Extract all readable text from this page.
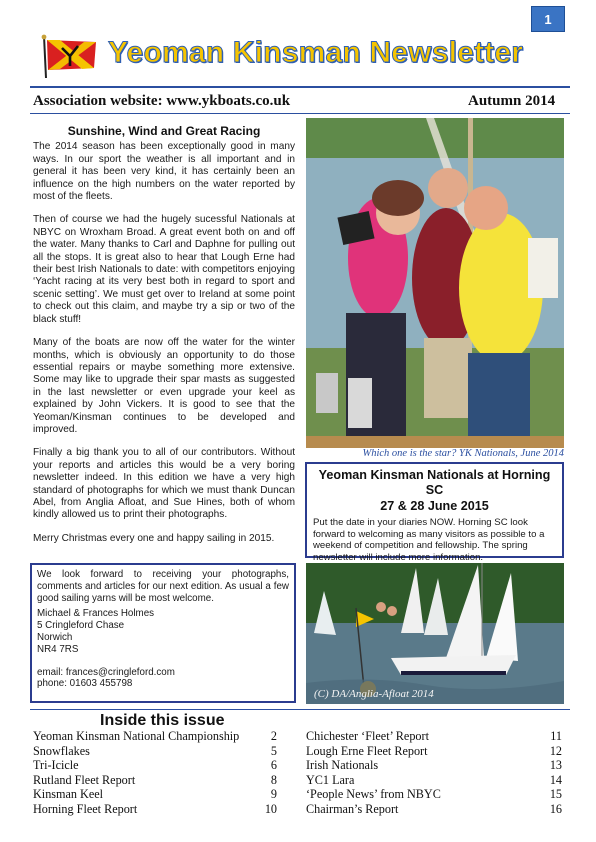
1
Yeoman Kinsman Newsletter
Association website: www.ykboats.co.uk	Autumn 2014
Sunshine, Wind and Great Racing

The 2014 season has been exceptionally good in many ways. In our sport the weather is all important and in general it has been very kind, it has certainly been an influence on the high numbers on the water reported by most of the fleets.

Then of course we had the hugely sucessful Nationals at NBYC on Wroxham Broad. A great event both on and off the water. Many thanks to Carl and Daphne for pulling out all the stops. It is great also to hear that Lough Erne had their best Irish Nationals to date: with competitors enjoying ‘Yacht racing at its very best both in regard to sport and scenic setting’. We must get over to Ireland at some point to check out this claim, and maybe try a sip or two of the black stuff!

Many of the boats are now off the water for the winter months, which is obviously an opportunity to do those essential repairs or maybe something more extensive. Some may like to upgrade their spar masts as suggested in the last newsletter or even upgrade your keel as explained by John Vickers. It is good to see that the Yeoman/Kinsman continues to be developed and improved.

Finally a big thank you to all of our contributors. Without your reports and articles this would be a very boring newsletter indeed. In this edition we have a very high standard of photographs for which we must thank Duncan Abel, from Anglia Afloat, and Sue Hines, both of whom kindly allowed us to print their photographs.

Merry Christmas every one and happy sailing in 2015.

Which one is the star? YK Nationals, June 2014
Yeoman Kinsman Nationals at Horning SC
27 & 28 June 2015
Put the date in your diaries NOW. Horning SC look forward to welcoming as many visitors as possible to a weekend of competition and fellowship. The spring newsletter will include more information.
We look forward to receiving your photographs, comments and articles for our next edition. As usual a few good sailing yarns will be most welcome.
Michael & Frances Holmes
5 Cringleford Chase
Norwich
NR4 7RS
email: frances@cringleford.com
phone: 01603 455798
(C) DA/Anglia-Afloat 2014
Inside this issue
Yeoman Kinsman National Championship	2
Snowflakes	5
Tri-Icicle	6
Rutland Fleet Report	8
Kinsman Keel	9
Horning Fleet Report	10
Chichester ‘Fleet’ Report	11
Lough Erne Fleet Report	12
Irish Nationals	13
YC1 Lara	14
‘People News’ from NBYC	15
Chairman’s Report	16
